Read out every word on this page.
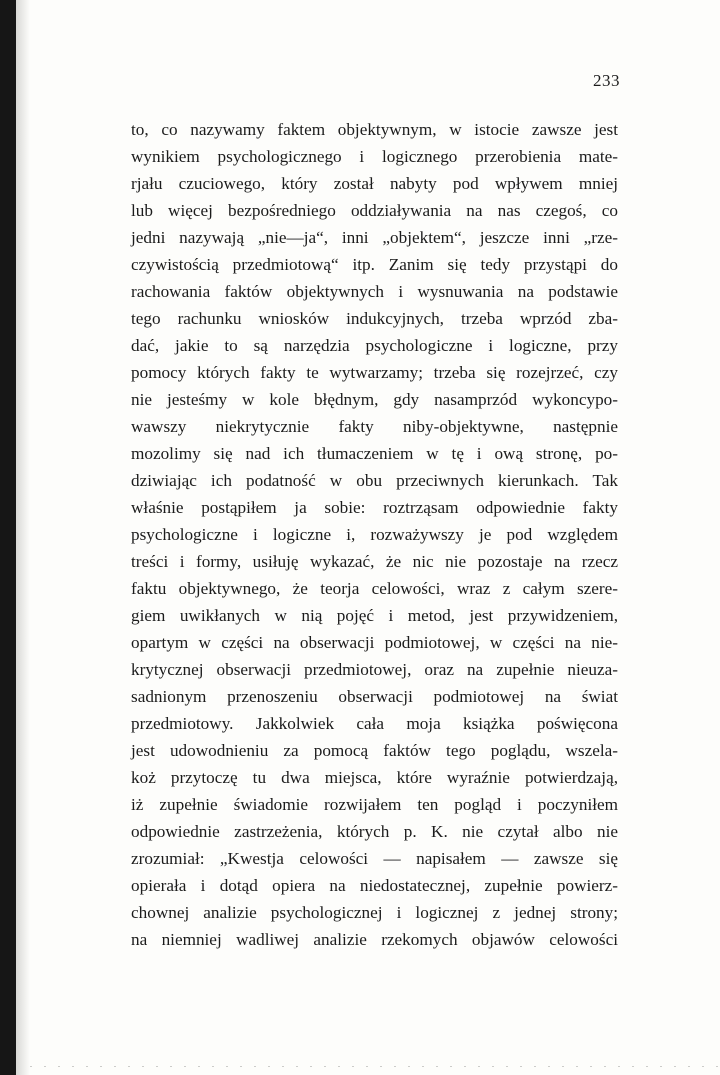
233
to, co nazywamy faktem objektywnym, w istocie zawsze jest
wynikiem psychologicznego i logicznego przerobienia mate-
rjału czuciowego, który został nabyty pod wpływem mniej
lub więcej bezpośredniego oddziaływania na nas czegoś, co
jedni nazywają „nie—ja“, inni „objektem“, jeszcze inni „rze-
czywistością przedmiotową“ itp. Zanim się tedy przystąpi do
rachowania faktów objektywnych i wysnuwania na podstawie
tego rachunku wniosków indukcyjnych, trzeba wprzód zba-
dać, jakie to są narzędzia psychologiczne i logiczne, przy
pomocy których fakty te wytwarzamy; trzeba się rozejrzeć, czy
nie jesteśmy w kole błędnym, gdy nasamprzód wykoncypo-
wawszy niekrytycznie fakty niby-objektywne, następnie
mozolimy się nad ich tłumaczeniem w tę i ową stronę, po-
dziwiając ich podatność w obu przeciwnych kierunkach. Tak
właśnie postąpiłem ja sobie: roztrząsam odpowiednie fakty
psychologiczne i logiczne i, rozważywszy je pod względem
treści i formy, usiłuję wykazać, że nic nie pozostaje na rzecz
faktu objektywnego, że teorja celowości, wraz z całym szere-
giem uwikłanych w nią pojęć i metod, jest przywidzeniem,
opartym w części na obserwacji podmiotowej, w części na nie-
krytycznej obserwacji przedmiotowej, oraz na zupełnie nieuza-
sadnionym przenoszeniu obserwacji podmiotowej na świat
przedmiotowy. Jakkolwiek cała moja książka poświęcona
jest udowodnieniu za pomocą faktów tego poglądu, wszela-
koż przytoczę tu dwa miejsca, które wyraźnie potwierdzają,
iż zupełnie świadomie rozwijałem ten pogląd i poczyniłem
odpowiednie zastrzeżenia, których p. K. nie czytał albo nie
zrozumiał: „Kwestja celowości — napisałem — zawsze się
opierała i dotąd opiera na niedostatecznej, zupełnie powierz-
chownej analizie psychologicznej i logicznej z jednej strony;
na niemniej wadliwej analizie rzekomych objawów celowości
